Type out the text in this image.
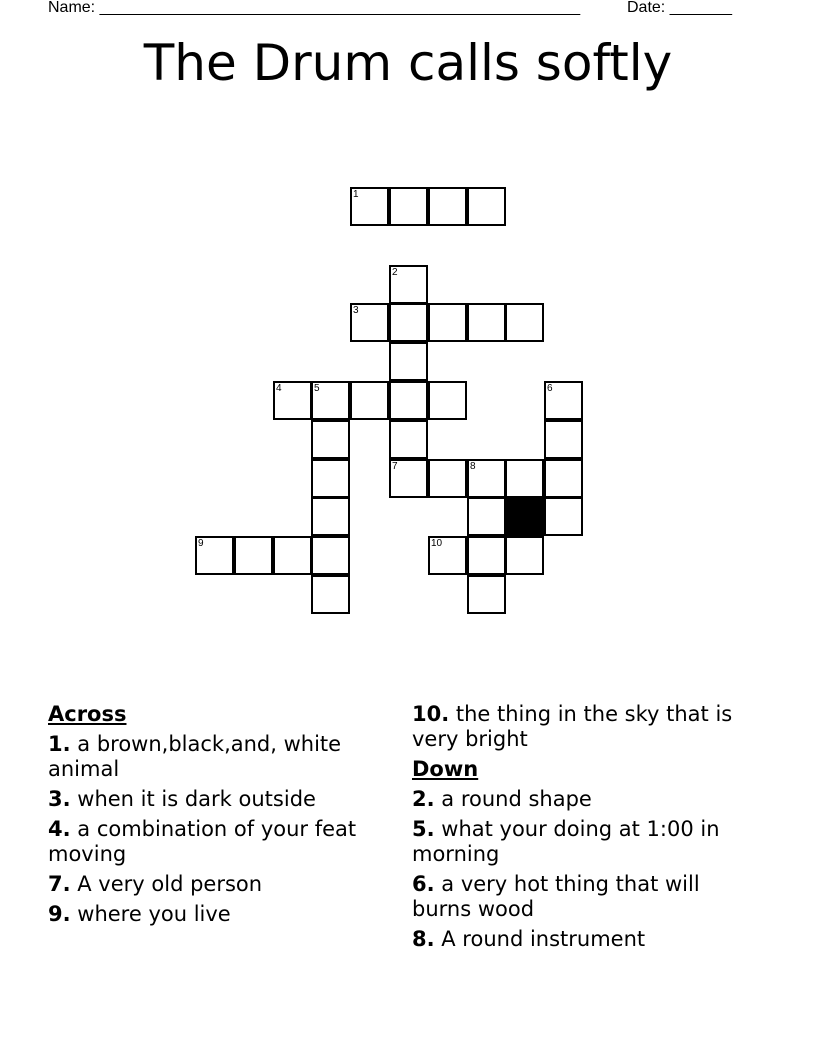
Name: ______________________________________________________	Date: _______
The Drum calls softly
1
2
3
4	5	6
7	8
9	10
Across
1. a brown,black,and, white animal
3. when it is dark outside
4. a combination of your feat moving
7. A very old person
9. where you live
10. the thing in the sky that is very bright
Down
2. a round shape
5. what your doing at 1:00 in morning
6. a very hot thing that will burns wood
8. A round instrument
